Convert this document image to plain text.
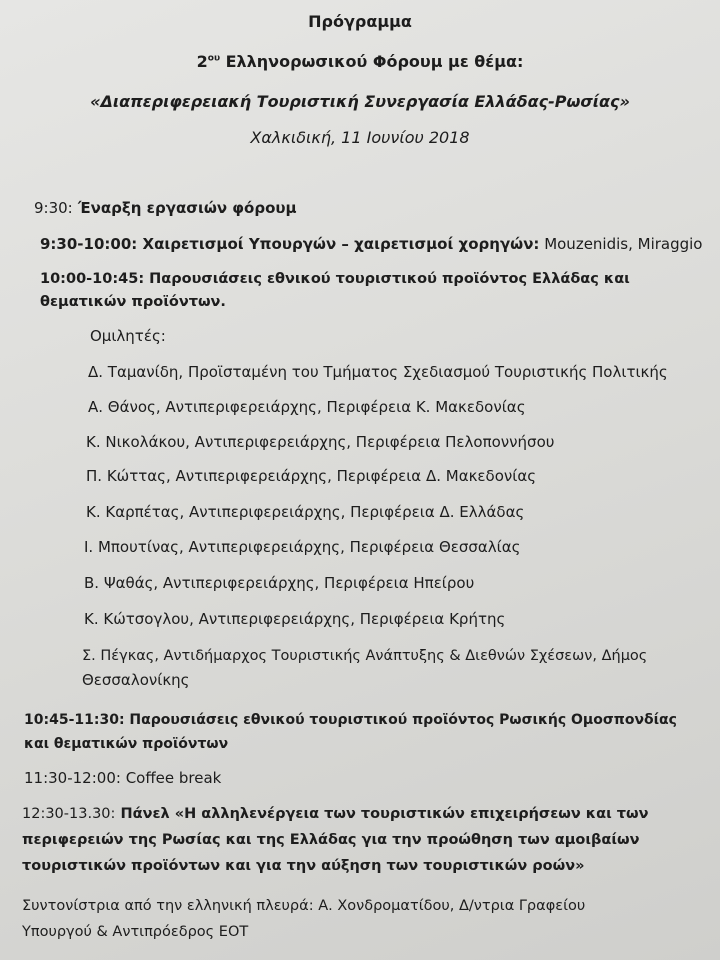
Πρόγραμμα
$2^{o\upsilon}$ Ελληνορωσικού Φόρουμ με θέμα:
«Διαπεριφερειακή Τουριστική Συνεργασία Ελλάδας-Ρωσίας»
Χαλκιδική, 11 Ιουνίου 2018
9:30: Έναρξη εργασιών φόρουμ
9:30-10:00: Χαιρετισμοί Υπουργών – χαιρετισμοί χορηγών: Mouzenidis, Miraggio
10:00-10:45: Παρουσιάσεις εθνικού τουριστικού προϊόντος Ελλάδας και
θεματικών προϊόντων.
Ομιλητές:
Δ. Ταμανίδη, Προϊσταμένη του Τμήματος Σχεδιασμού Τουριστικής Πολιτικής
Α. Θάνος, Αντιπεριφερειάρχης, Περιφέρεια Κ. Μακεδονίας
Κ. Νικολάκου, Αντιπεριφερειάρχης, Περιφέρεια Πελοποννήσου
Π. Κώττας, Αντιπεριφερειάρχης, Περιφέρεια Δ. Μακεδονίας
Κ. Καρπέτας, Αντιπεριφερειάρχης, Περιφέρεια Δ. Ελλάδας
Ι. Μπουτίνας, Αντιπεριφερειάρχης, Περιφέρεια Θεσσαλίας
Β. Ψαθάς, Αντιπεριφερειάρχης, Περιφέρεια Ηπείρου
Κ. Κώτσογλου, Αντιπεριφερειάρχης, Περιφέρεια Κρήτης
Σ. Πέγκας, Αντιδήμαρχος Τουριστικής Ανάπτυξης & Διεθνών Σχέσεων, Δήμος
Θεσσαλονίκης
10:45-11:30: Παρουσιάσεις εθνικού τουριστικού προϊόντος Ρωσικής Ομοσπονδίας
και θεματικών προϊόντων
11:30-12:00: Coffee break
12:30-13.30: Πάνελ «Η αλληλενέργεια των τουριστικών επιχειρήσεων και των
περιφερειών της Ρωσίας και της Ελλάδας για την προώθηση των αμοιβαίων
τουριστικών προϊόντων και για την αύξηση των τουριστικών ροών»
Συντονίστρια από την ελληνική πλευρά: Α. Χονδροματίδου, Δ/ντρια Γραφείου
Υπουργού & Αντιπρόεδρος ΕΟΤ
